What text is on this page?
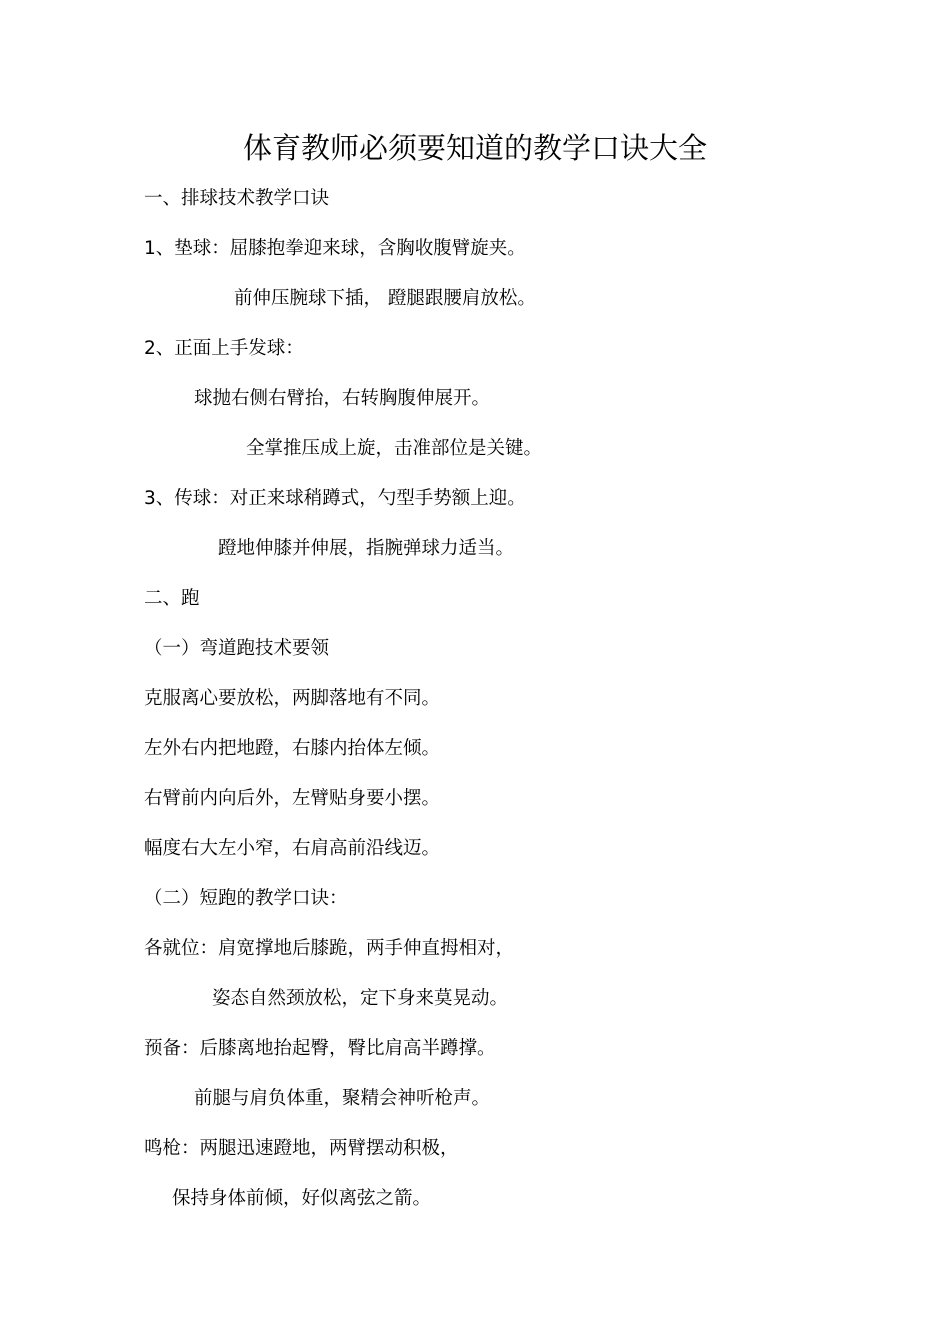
体育教师必须要知道的教学口诀大全
一、排球技术教学口诀
1、垫球：屈膝抱拳迎来球，含胸收腹臂旋夹。
前伸压腕球下插， 蹬腿跟腰肩放松。
2、正面上手发球：
球抛右侧右臂抬，右转胸腹伸展开。
全掌推压成上旋，击准部位是关键。
3、传球：对正来球稍蹲式，勺型手势额上迎。
蹬地伸膝并伸展，指腕弹球力适当。
二、跑
（一）弯道跑技术要领
克服离心要放松，两脚落地有不同。
左外右内把地蹬，右膝内抬体左倾。
右臂前内向后外，左臂贴身要小摆。
幅度右大左小窄，右肩高前沿线迈。
（二）短跑的教学口诀：
各就位：肩宽撑地后膝跪，两手伸直拇相对，
姿态自然颈放松，定下身来莫晃动。
预备：后膝离地抬起臀，臀比肩高半蹲撑。
前腿与肩负体重，聚精会神听枪声。
鸣枪：两腿迅速蹬地，两臂摆动积极，
保持身体前倾，好似离弦之箭。
